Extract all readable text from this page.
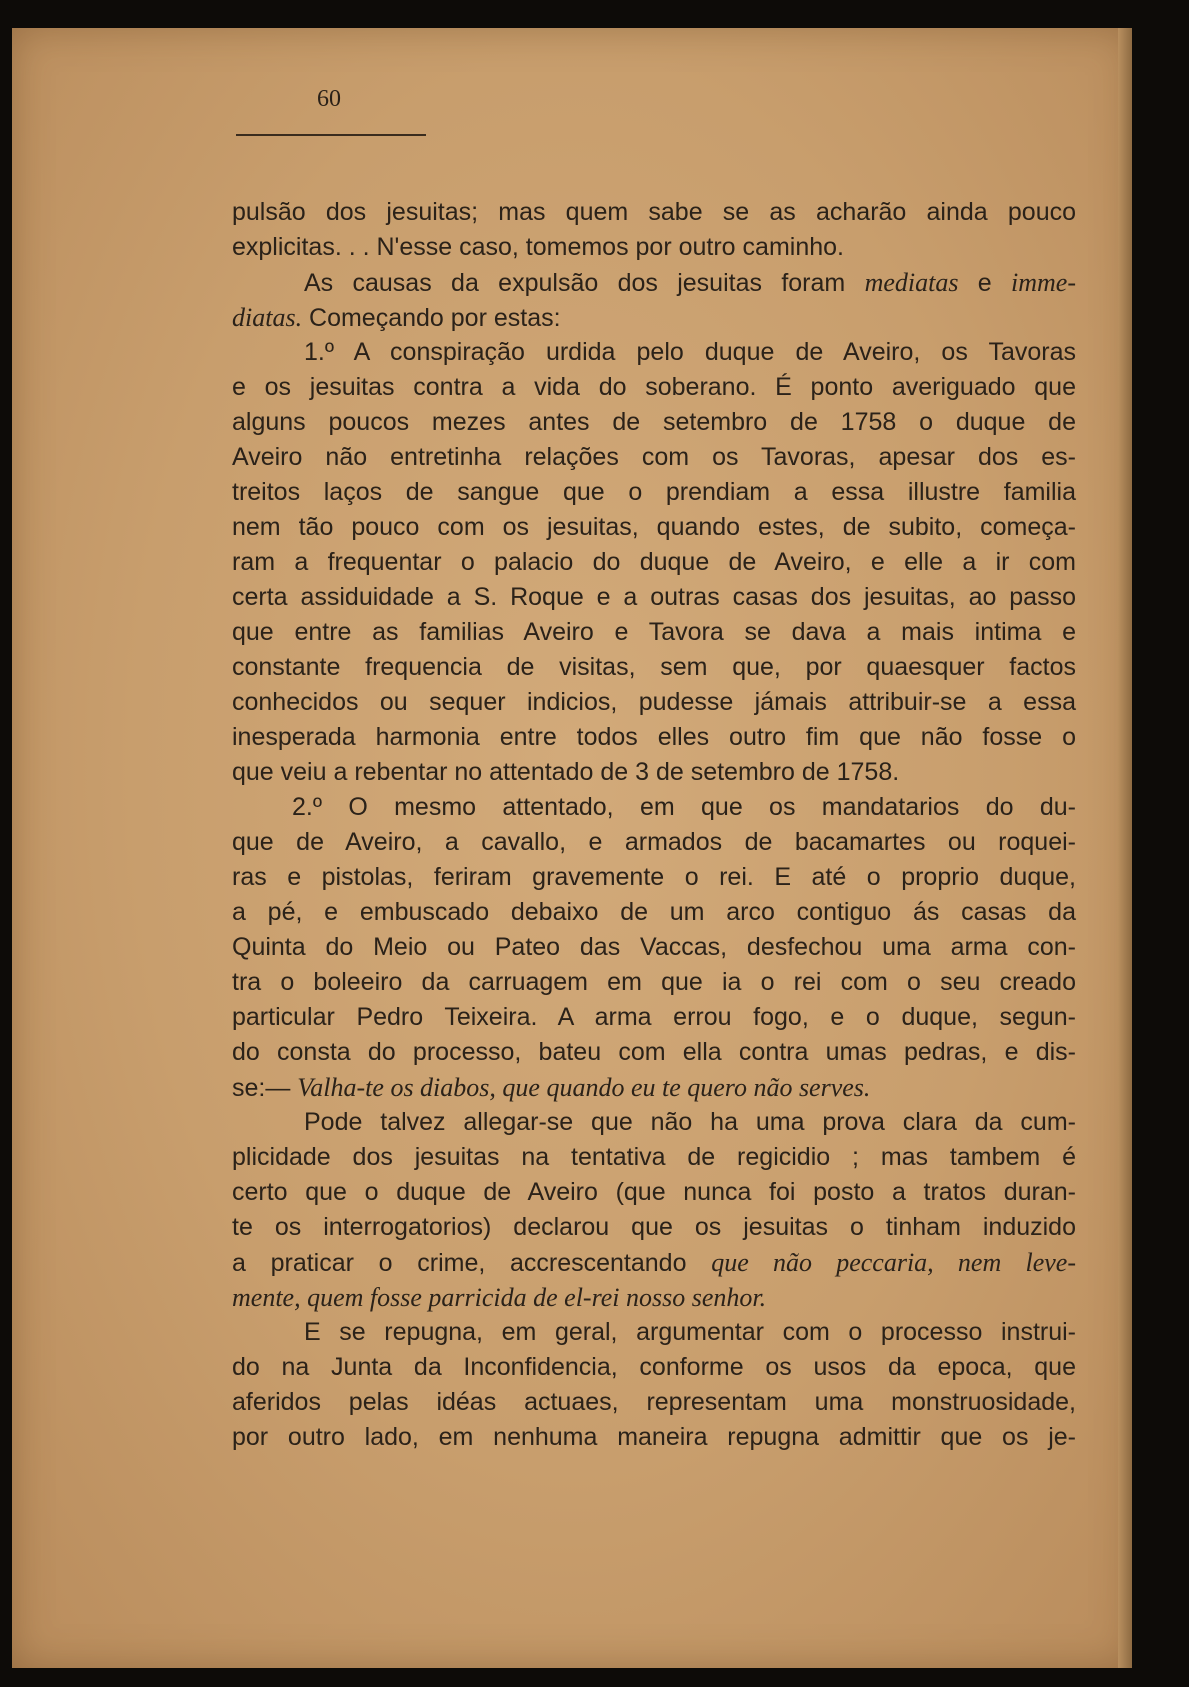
60
pulsão dos jesuitas; mas quem sabe se as acharão ainda pouco
explicitas. . . N'esse caso, tomemos por outro caminho.
As causas da expulsão dos jesuitas foram mediatas e imme-
diatas. Começando por estas:
1.º A conspiração urdida pelo duque de Aveiro, os Tavoras
e os jesuitas contra a vida do soberano. É ponto averiguado que
alguns poucos mezes antes de setembro de 1758 o duque de
Aveiro não entretinha relações com os Tavoras, apesar dos es-
treitos laços de sangue que o prendiam a essa illustre familia
nem tão pouco com os jesuitas, quando estes, de subito, começa-
ram a frequentar o palacio do duque de Aveiro, e elle a ir com
certa assiduidade a S. Roque e a outras casas dos jesuitas, ao passo
que entre as familias Aveiro e Tavora se dava a mais intima e
constante frequencia de visitas, sem que, por quaesquer factos
conhecidos ou sequer indicios, pudesse jámais attribuir-se a essa
inesperada harmonia entre todos elles outro fim que não fosse o
que veiu a rebentar no attentado de 3 de setembro de 1758.
2.º O mesmo attentado, em que os mandatarios do du-
que de Aveiro, a cavallo, e armados de bacamartes ou roquei-
ras e pistolas, feriram gravemente o rei. E até o proprio duque,
a pé, e embuscado debaixo de um arco contiguo ás casas da
Quinta do Meio ou Pateo das Vaccas, desfechou uma arma con-
tra o boleeiro da carruagem em que ia o rei com o seu creado
particular Pedro Teixeira. A arma errou fogo, e o duque, segun-
do consta do processo, bateu com ella contra umas pedras, e dis-
se:— Valha-te os diabos, que quando eu te quero não serves.
Pode talvez allegar-se que não ha uma prova clara da cum-
plicidade dos jesuitas na tentativa de regicidio ; mas tambem é
certo que o duque de Aveiro (que nunca foi posto a tratos duran-
te os interrogatorios) declarou que os jesuitas o tinham induzido
a praticar o crime, accrescentando que não peccaria, nem leve-
mente, quem fosse parricida de el-rei nosso senhor.
E se repugna, em geral, argumentar com o processo instrui-
do na Junta da Inconfidencia, conforme os usos da epoca, que
aferidos pelas idéas actuaes, representam uma monstruosidade,
por outro lado, em nenhuma maneira repugna admittir que os je-
